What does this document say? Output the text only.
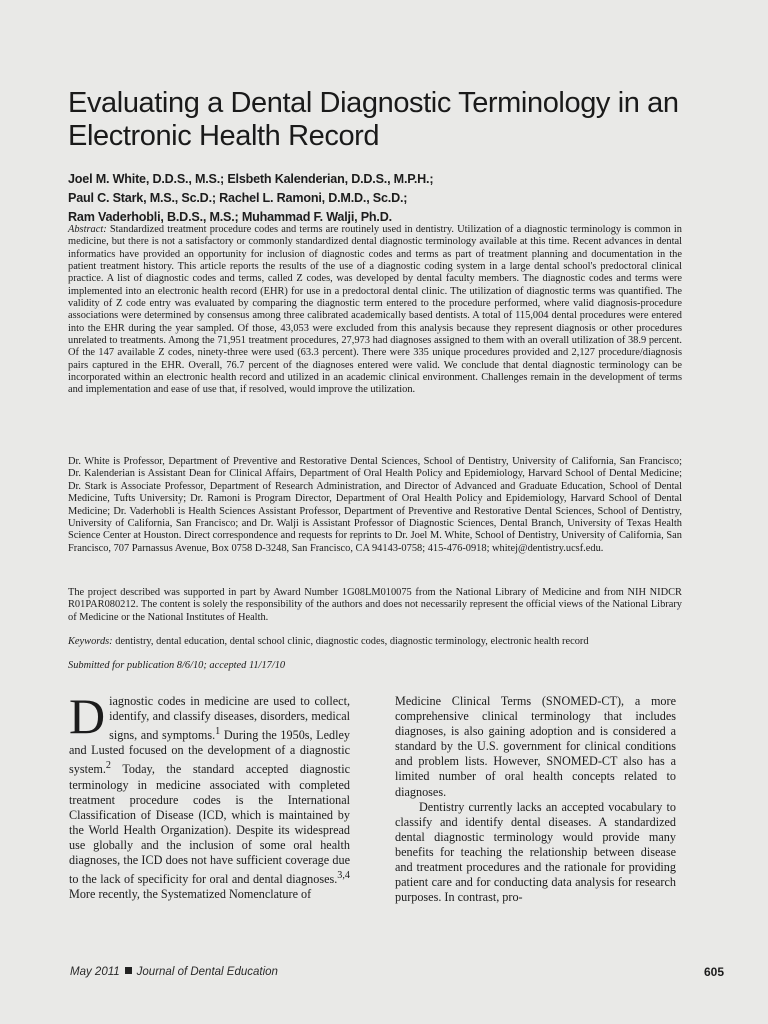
Evaluating a Dental Diagnostic Terminology in an Electronic Health Record
Joel M. White, D.D.S., M.S.; Elsbeth Kalenderian, D.D.S., M.P.H.;
Paul C. Stark, M.S., Sc.D.; Rachel L. Ramoni, D.M.D., Sc.D.;
Ram Vaderhobli, B.D.S., M.S.; Muhammad F. Walji, Ph.D.
Abstract: Standardized treatment procedure codes and terms are routinely used in dentistry. Utilization of a diagnostic terminology is common in medicine, but there is not a satisfactory or commonly standardized dental diagnostic terminology available at this time. Recent advances in dental informatics have provided an opportunity for inclusion of diagnostic codes and terms as part of treatment planning and documentation in the patient treatment history. This article reports the results of the use of a diagnostic coding system in a large dental school's predoctoral clinical practice. A list of diagnostic codes and terms, called Z codes, was developed by dental faculty members. The diagnostic codes and terms were implemented into an electronic health record (EHR) for use in a predoctoral dental clinic. The utilization of diagnostic terms was quantified. The validity of Z code entry was evaluated by comparing the diagnostic term entered to the procedure performed, where valid diagnosis-procedure associations were determined by consensus among three calibrated academically based dentists. A total of 115,004 dental procedures were entered into the EHR during the year sampled. Of those, 43,053 were excluded from this analysis because they represent diagnosis or other procedures unrelated to treatments. Among the 71,951 treatment procedures, 27,973 had diagnoses assigned to them with an overall utilization of 38.9 percent. Of the 147 available Z codes, ninety-three were used (63.3 percent). There were 335 unique procedures provided and 2,127 procedure/diagnosis pairs captured in the EHR. Overall, 76.7 percent of the diagnoses entered were valid. We conclude that dental diagnostic terminology can be incorporated within an electronic health record and utilized in an academic clinical environment. Challenges remain in the development of terms and implementation and ease of use that, if resolved, would improve the utilization.
Dr. White is Professor, Department of Preventive and Restorative Dental Sciences, School of Dentistry, University of California, San Francisco; Dr. Kalenderian is Assistant Dean for Clinical Affairs, Department of Oral Health Policy and Epidemiology, Harvard School of Dental Medicine; Dr. Stark is Associate Professor, Department of Research Administration, and Director of Advanced and Graduate Education, School of Dental Medicine, Tufts University; Dr. Ramoni is Program Director, Department of Oral Health Policy and Epidemiology, Harvard School of Dental Medicine; Dr. Vaderhobli is Health Sciences Assistant Professor, Department of Preventive and Restorative Dental Sciences, School of Dentistry, University of California, San Francisco; and Dr. Walji is Assistant Professor of Diagnostic Sciences, Dental Branch, University of Texas Health Science Center at Houston. Direct correspondence and requests for reprints to Dr. Joel M. White, School of Dentistry, University of California, San Francisco, 707 Parnassus Avenue, Box 0758 D-3248, San Francisco, CA 94143-0758; 415-476-0918; whitej@dentistry.ucsf.edu.
The project described was supported in part by Award Number 1G08LM010075 from the National Library of Medicine and from NIH NIDCR R01PAR080212. The content is solely the responsibility of the authors and does not necessarily represent the official views of the National Library of Medicine or the National Institutes of Health.
Keywords: dentistry, dental education, dental school clinic, diagnostic codes, diagnostic terminology, electronic health record
Submitted for publication 8/6/10; accepted 11/17/10

Diagnostic codes in medicine are used to collect, identify, and classify diseases, disorders, medical signs, and symptoms.$^1$ During the 1950s, Ledley and Lusted focused on the development of a diagnostic system.$^2$ Today, the standard accepted diagnostic terminology in medicine associated with completed treatment procedure codes is the International Classification of Disease (ICD, which is maintained by the World Health Organization). Despite its widespread use globally and the inclusion of some oral health diagnoses, the ICD does not have sufficient coverage due to the lack of specificity for oral and dental diagnoses.$^{3,4}$ More recently, the Systematized Nomenclature of

Medicine Clinical Terms (SNOMED-CT), a more comprehensive clinical terminology that includes diagnoses, is also gaining adoption and is considered a standard by the U.S. government for clinical conditions and problem lists. However, SNOMED-CT also has a limited number of oral health concepts related to diagnoses.

Dentistry currently lacks an accepted vocabulary to classify and identify dental diseases. A standardized dental diagnostic terminology would provide many benefits for teaching the relationship between disease and treatment procedures and the rationale for providing patient care and for conducting data analysis for research purposes. In contrast, pro-

May 2011 Journal of Dental Education	605
